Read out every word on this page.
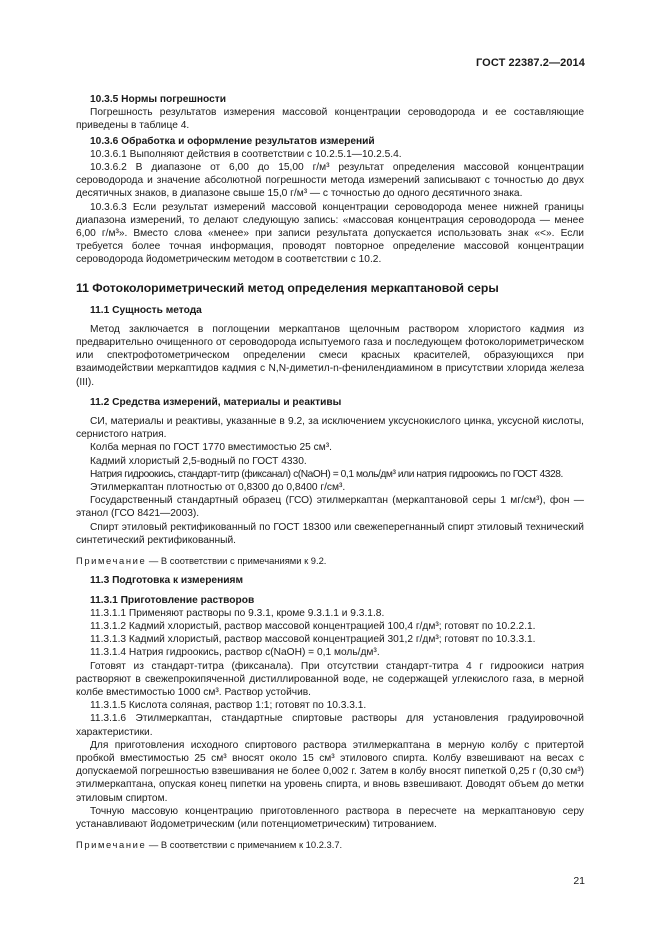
ГОСТ 22387.2—2014

10.3.5 Нормы погрешности

Погрешность результатов измерения массовой концентрации сероводорода и ее составляющие приведены в таблице 4.

10.3.6 Обработка и оформление результатов измерений

10.3.6.1 Выполняют действия в соответствии с 10.2.5.1—10.2.5.4.

10.3.6.2 В диапазоне от 6,00 до 15,00 г/м³ результат определения массовой концентрации сероводорода и значение абсолютной погрешности метода измерений записывают с точностью до двух десятичных знаков, в диапазоне свыше 15,0 г/м³ — с точностью до одного десятичного знака.

10.3.6.3 Если результат измерений массовой концентрации сероводорода менее нижней границы диапазона измерений, то делают следующую запись: «массовая концентрация сероводорода — менее 6,00 г/м³». Вместо слова «менее» при записи результата допускается использовать знак «<». Если требуется более точная информация, проводят повторное определение массовой концентрации сероводорода йодометрическим методом в соответствии с 10.2.

11 Фотоколориметрический метод определения меркаптановой серы

11.1 Сущность метода

Метод заключается в поглощении меркаптанов щелочным раствором хлористого кадмия из предварительно очищенного от сероводорода испытуемого газа и последующем фотоколориметрическом или спектрофотометрическом определении смеси красных красителей, образующихся при взаимодействии меркаптидов кадмия с N,N-диметил-n-фенилендиамином в присутствии хлорида железа (III).

11.2 Средства измерений, материалы и реактивы

СИ, материалы и реактивы, указанные в 9.2, за исключением уксуснокислого цинка, уксусной кислоты, сернистого натрия.

Колба мерная по ГОСТ 1770 вместимостью 25 см³.

Кадмий хлористый 2,5-водный по ГОСТ 4330.

Натрия гидроокись, стандарт-титр (фиксанал) c(NaOH) = 0,1 моль/дм³ или натрия гидроокись по ГОСТ 4328.

Этилмеркаптан плотностью от 0,8300 до 0,8400 г/см³.

Государственный стандартный образец (ГСО) этилмеркаптан (меркаптановой серы 1 мг/см³), фон — этанол (ГСО 8421—2003).

Спирт этиловый ректификованный по ГОСТ 18300 или свежеперегнанный спирт этиловый технический синтетический ректификованный.

Примечание — В соответствии с примечаниями к 9.2.

11.3 Подготовка к измерениям

11.3.1 Приготовление растворов

11.3.1.1 Применяют растворы по 9.3.1, кроме 9.3.1.1 и 9.3.1.8.

11.3.1.2 Кадмий хлористый, раствор массовой концентрацией 100,4 г/дм³; готовят по 10.2.2.1.

11.3.1.3 Кадмий хлористый, раствор массовой концентрацией 301,2 г/дм³; готовят по 10.3.3.1.

11.3.1.4 Натрия гидроокись, раствор c(NaOH) = 0,1 моль/дм³.

Готовят из стандарт-титра (фиксанала). При отсутствии стандарт-титра 4 г гидроокиси натрия растворяют в свежепрокипяченной дистиллированной воде, не содержащей углекислого газа, в мерной колбе вместимостью 1000 см³. Раствор устойчив.

11.3.1.5 Кислота соляная, раствор 1:1; готовят по 10.3.3.1.

11.3.1.6 Этилмеркаптан, стандартные спиртовые растворы для установления градуировочной характеристики.

Для приготовления исходного спиртового раствора этилмеркаптана в мерную колбу с притертой пробкой вместимостью 25 см³ вносят около 15 см³ этилового спирта. Колбу взвешивают на весах с допускаемой погрешностью взвешивания не более 0,002 г. Затем в колбу вносят пипеткой 0,25 г (0,30 см³) этилмеркаптана, опуская конец пипетки на уровень спирта, и вновь взвешивают. Доводят объем до метки этиловым спиртом.

Точную массовую концентрацию приготовленного раствора в пересчете на меркаптановую серу устанавливают йодометрическим (или потенциометрическим) титрованием.

Примечание — В соответствии с примечанием к 10.2.3.7.

21
